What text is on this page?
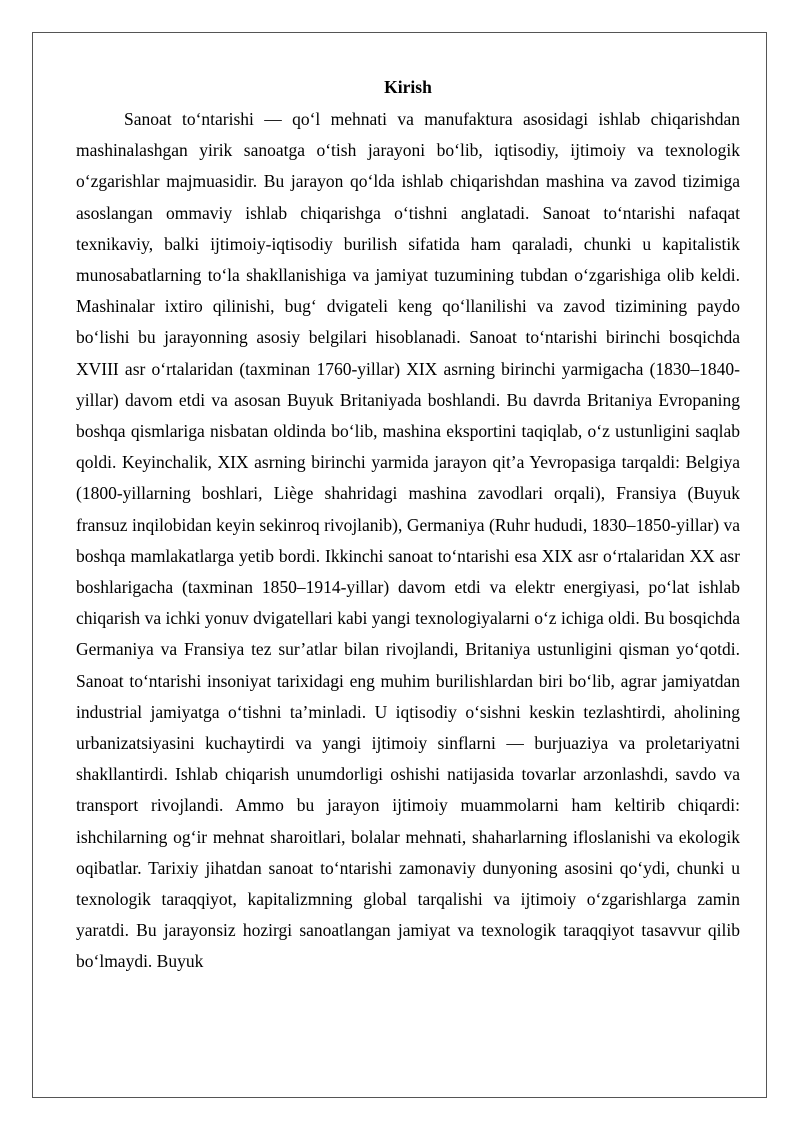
Kirish

Sanoat to‘ntarishi — qo‘l mehnati va manufaktura asosidagi ishlab chiqarishdan mashinalashgan yirik sanoatga o‘tish jarayoni bo‘lib, iqtisodiy, ijtimoiy va texnologik o‘zgarishlar majmuasidir. Bu jarayon qo‘lda ishlab chiqarishdan mashina va zavod tizimiga asoslangan ommaviy ishlab chiqarishga o‘tishni anglatadi. Sanoat to‘ntarishi nafaqat texnikaviy, balki ijtimoiy-iqtisodiy burilish sifatida ham qaraladi, chunki u kapitalistik munosabatlarning to‘la shakllanishiga va jamiyat tuzumining tubdan o‘zgarishiga olib keldi. Mashinalar ixtiro qilinishi, bug‘ dvigateli keng qo‘llanilishi va zavod tizimining paydo bo‘lishi bu jarayonning asosiy belgilari hisoblanadi. Sanoat to‘ntarishi birinchi bosqichda XVIII asr o‘rtalaridan (taxminan 1760-yillar) XIX asrning birinchi yarmigacha (1830–1840-yillar) davom etdi va asosan Buyuk Britaniyada boshlandi. Bu davrda Britaniya Evropaning boshqa qismlariga nisbatan oldinda bo‘lib, mashina eksportini taqiqlab, o‘z ustunligini saqlab qoldi. Keyinchalik, XIX asrning birinchi yarmida jarayon qit’a Yevropasiga tarqaldi: Belgiya (1800-yillarning boshlari, Liège shahridagi mashina zavodlari orqali), Fransiya (Buyuk fransuz inqilobidan keyin sekinroq rivojlanib), Germaniya (Ruhr hududi, 1830–1850-yillar) va boshqa mamlakatlarga yetib bordi. Ikkinchi sanoat to‘ntarishi esa XIX asr o‘rtalaridan XX asr boshlarigacha (taxminan 1850–1914-yillar) davom etdi va elektr energiyasi, po‘lat ishlab chiqarish va ichki yonuv dvigatellari kabi yangi texnologiyalarni o‘z ichiga oldi. Bu bosqichda Germaniya va Fransiya tez sur’atlar bilan rivojlandi, Britaniya ustunligini qisman yo‘qotdi. Sanoat to‘ntarishi insoniyat tarixidagi eng muhim burilishlardan biri bo‘lib, agrar jamiyatdan industrial jamiyatga o‘tishni ta’minladi. U iqtisodiy o‘sishni keskin tezlashtirdi, aholining urbanizatsiyasini kuchaytirdi va yangi ijtimoiy sinflarni — burjuaziya va proletariyatni shakllantirdi. Ishlab chiqarish unumdorligi oshishi natijasida tovarlar arzonlashdi, savdo va transport rivojlandi. Ammo bu jarayon ijtimoiy muammolarni ham keltirib chiqardi: ishchilarning og‘ir mehnat sharoitlari, bolalar mehnati, shaharlarning ifloslanishi va ekologik oqibatlar. Tarixiy jihatdan sanoat to‘ntarishi zamonaviy dunyoning asosini qo‘ydi, chunki u texnologik taraqqiyot, kapitalizmning global tarqalishi va ijtimoiy o‘zgarishlarga zamin yaratdi. Bu jarayonsiz hozirgi sanoatlangan jamiyat va texnologik taraqqiyot tasavvur qilib bo‘lmaydi. Buyuk
